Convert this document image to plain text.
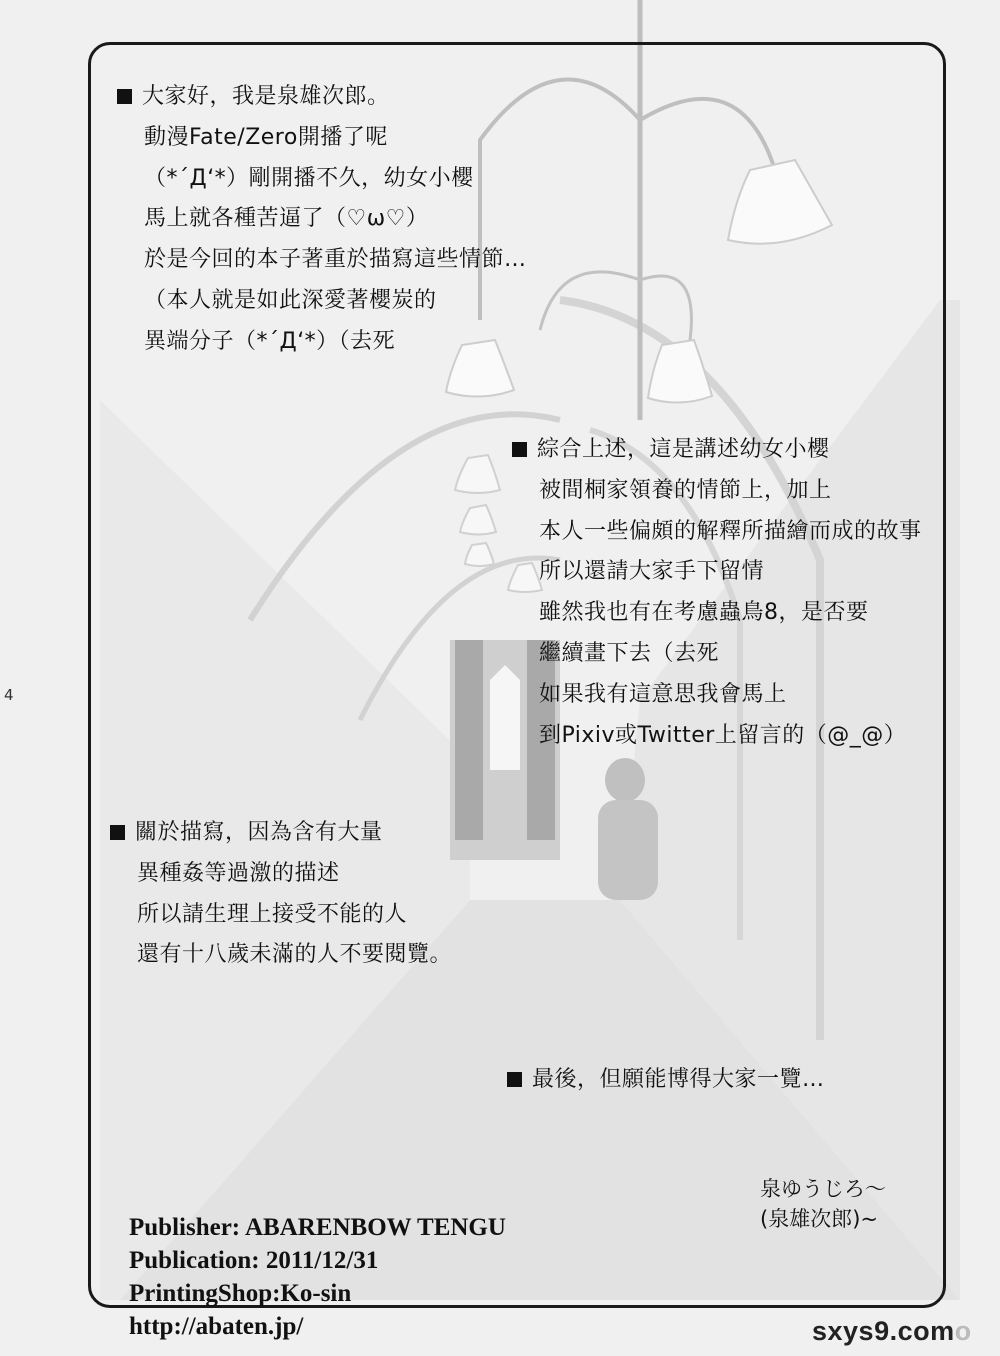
4
大家好，我是泉雄次郎。
動漫Fate/Zero開播了呢
（*´Д‘*）剛開播不久，幼女小櫻
馬上就各種苦逼了（♡ω♡）
於是今回的本子著重於描寫這些情節…
（本人就是如此深愛著櫻炭的
異端分子（*´Д‘*）（去死
綜合上述，這是講述幼女小櫻
被間桐家領養的情節上，加上
本人一些偏頗的解釋所描繪而成的故事
所以還請大家手下留情
雖然我也有在考慮蟲鳥8，是否要
繼續畫下去（去死
如果我有這意思我會馬上
到Pixiv或Twitter上留言的（@_@）
關於描寫，因為含有大量
異種姦等過激的描述
所以請生理上接受不能的人
還有十八歲未滿的人不要閱覽。
最後，但願能博得大家一覽…
泉ゆうじろ～
(泉雄次郎)~
Publisher: ABARENBOW TENGU
Publication: 2011/12/31
PrintingShop:Ko-sin
http://abaten.jp/	sxys9.como
